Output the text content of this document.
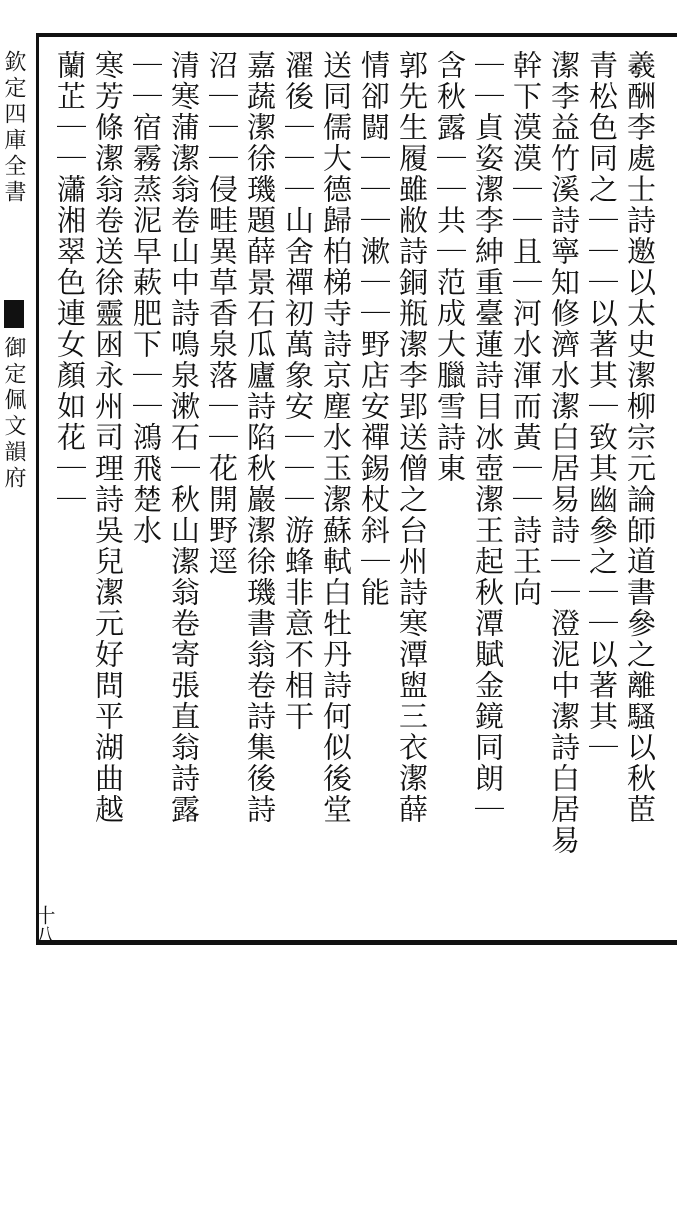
欽定四庫全書
御定佩文韻府
十八
羲酬李處士詩邀以太史潔柳宗元論師道書參之離騷以秋茞
青松色同之｜｜｜以著其｜致其幽參之｜｜以著其｜
潔李益竹溪詩寧知修濟水潔白居易詩｜｜澄泥中潔詩白居易
幹下漠漠｜｜且｜河水渾而黃｜｜詩王向
｜｜貞姿潔李紳重臺蓮詩目冰壺潔王起秋潭賦金鏡同朗｜
含秋露｜｜共｜范成大臘雪詩東
郭先生履雖敝詩銅瓶潔李郢送僧之台州詩寒潭盥三衣潔薛
情卻闘｜｜｜漱｜｜野店安禪錫杖斜｜能
送同儒大德歸柏梯寺詩京塵水玉潔蘇軾白牡丹詩何似後堂
濯後｜｜｜山舍禪初萬象安｜｜｜游蜂非意不相干
嘉蔬潔徐璣題薛景石瓜廬詩陷秋巖潔徐璣書翁卷詩集後詩
沼｜｜｜侵畦異草香泉落｜｜花開野逕
清寒蒲潔翁卷山中詩鳴泉漱石｜秋山潔翁卷寄張直翁詩露
｜｜宿霧蒸泥早蔌肥下｜｜鴻飛楚水
寒芳條潔翁卷送徐靈囦永州司理詩吳兒潔元好問平湖曲越
蘭芷｜｜瀟湘翠色連女顏如花｜｜
